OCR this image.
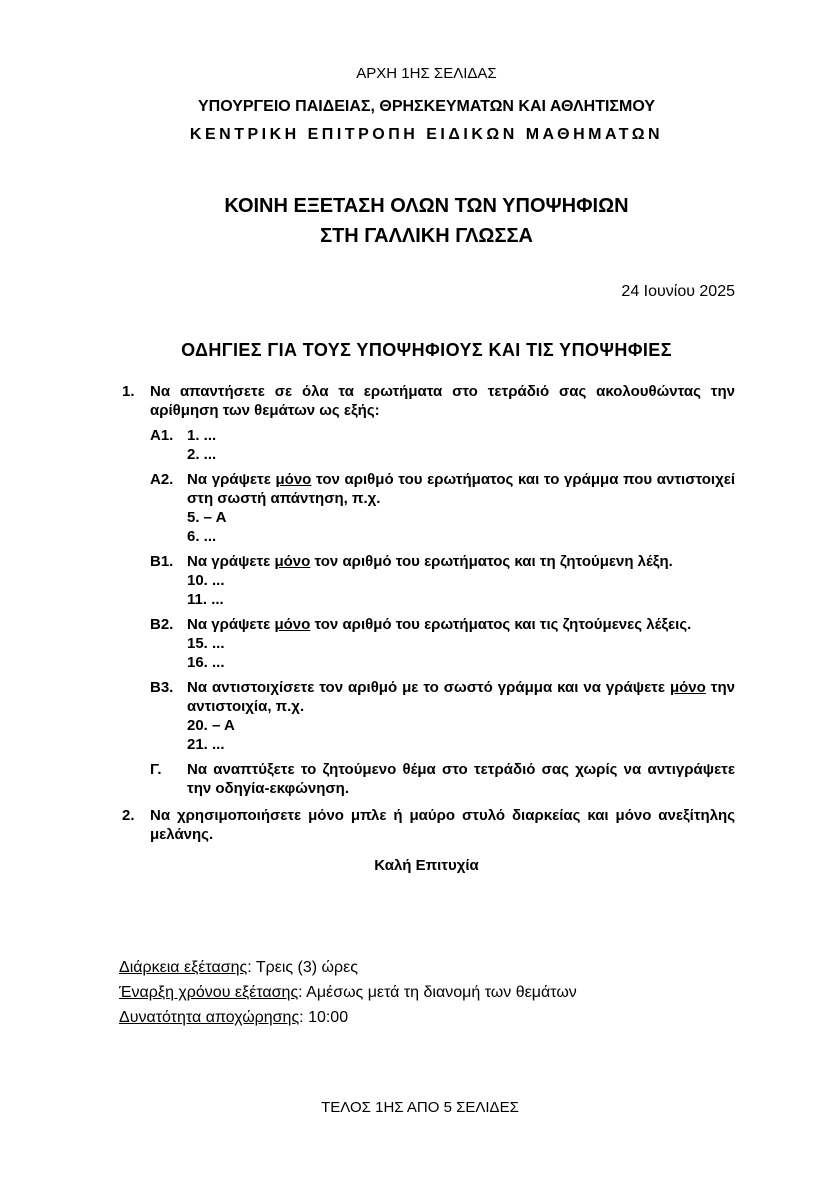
ΑΡΧΗ 1ΗΣ ΣΕΛΙΔΑΣ
ΥΠΟΥΡΓΕΙΟ ΠΑΙΔΕΙΑΣ, ΘΡΗΣΚΕΥΜΑΤΩΝ ΚΑΙ ΑΘΛΗΤΙΣΜΟΥ
ΚΕΝΤΡΙΚΗ ΕΠΙΤΡΟΠΗ ΕΙΔΙΚΩΝ ΜΑΘΗΜΑΤΩΝ
ΚΟΙΝΗ ΕΞΕΤΑΣΗ ΟΛΩΝ ΤΩΝ ΥΠΟΨΗΦΙΩΝ
ΣΤΗ ΓΑΛΛΙΚΗ ΓΛΩΣΣΑ
24 Ιουνίου 2025
ΟΔΗΓΙΕΣ ΓΙΑ ΤΟΥΣ ΥΠΟΨΗΦΙΟΥΣ ΚΑΙ ΤΙΣ ΥΠΟΨΗΦΙΕΣ
1.	Να απαντήσετε σε όλα τα ερωτήματα στο τετράδιό σας ακολουθώντας την αρίθμηση των θεμάτων ως εξής:

Α1. 1. ...

2. ...

Α2. Να γράψετε μόνο τον αριθμό του ερωτήματος και το γράμμα που αντιστοιχεί στη σωστή απάντηση, π.χ.

5. – Α

6. ...

Β1. Να γράψετε μόνο τον αριθμό του ερωτήματος και τη ζητούμενη λέξη.

10. ...

11. ...

Β2. Να γράψετε μόνο τον αριθμό του ερωτήματος και τις ζητούμενες λέξεις.

15. ...

16. ...

Β3. Να αντιστοιχίσετε τον αριθμό με το σωστό γράμμα και να γράψετε μόνο την αντιστοιχία, π.χ.

20. – Α

21. ...

Γ.	Να αναπτύξετε το ζητούμενο θέμα στο τετράδιό σας χωρίς να αντιγράψετε την οδηγία-εκφώνηση.

2.	Να χρησιμοποιήσετε μόνο μπλε ή μαύρο στυλό διαρκείας και μόνο ανεξίτηλης μελάνης.

Καλή Επιτυχία
Διάρκεια εξέτασης: Τρεις (3) ώρες
Έναρξη χρόνου εξέτασης: Αμέσως μετά τη διανομή των θεμάτων
Δυνατότητα αποχώρησης: 10:00
ΤΕΛΟΣ 1ΗΣ ΑΠΟ 5 ΣΕΛΙΔΕΣ
